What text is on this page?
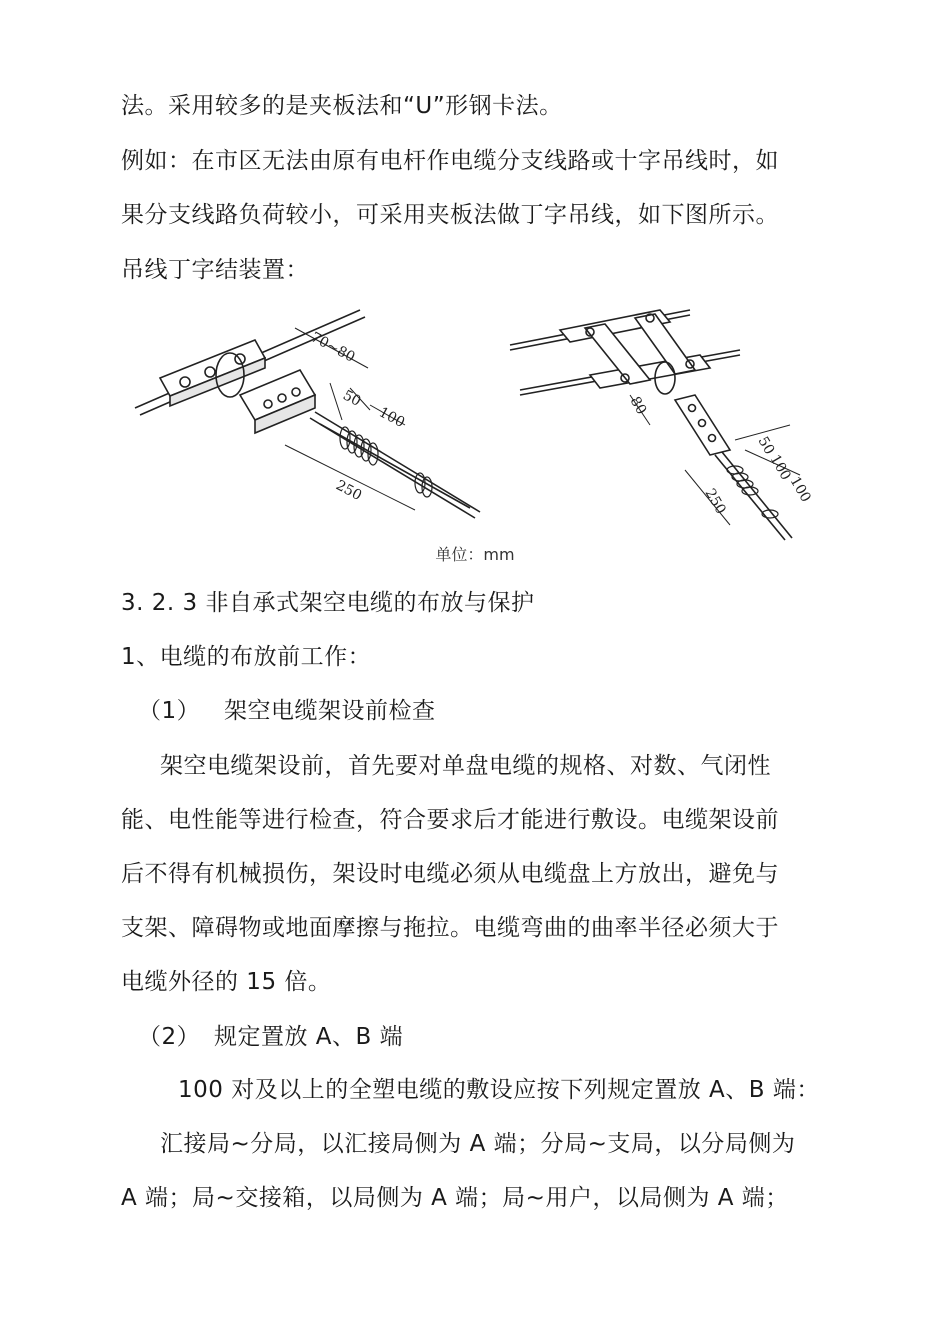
法。采用较多的是夹板法和“U”形钢卡法。
例如：在市区无法由原有电杆作电缆分支线路或十字吊线时，如
果分支线路负荷较小，可采用夹板法做丁字吊线，如下图所示。
吊线丁字结装置：
70~80
50
100
250
80
50
100
100
250
单位：mm
3. 2. 3 非自承式架空电缆的布放与保护
1、电缆的布放前工作：
（1） 架空电缆架设前检查
架空电缆架设前，首先要对单盘电缆的规格、对数、气闭性
能、电性能等进行检查，符合要求后才能进行敷设。电缆架设前
后不得有机械损伤，架设时电缆必须从电缆盘上方放出，避免与
支架、障碍物或地面摩擦与拖拉。电缆弯曲的曲率半径必须大于
电缆外径的 15 倍。
（2） 规定置放 A、B 端
100 对及以上的全塑电缆的敷设应按下列规定置放 A、B 端：
汇接局~分局，以汇接局侧为 A 端；分局~支局，以分局侧为
A 端；局~交接箱，以局侧为 A 端；局~用户，以局侧为 A 端；
